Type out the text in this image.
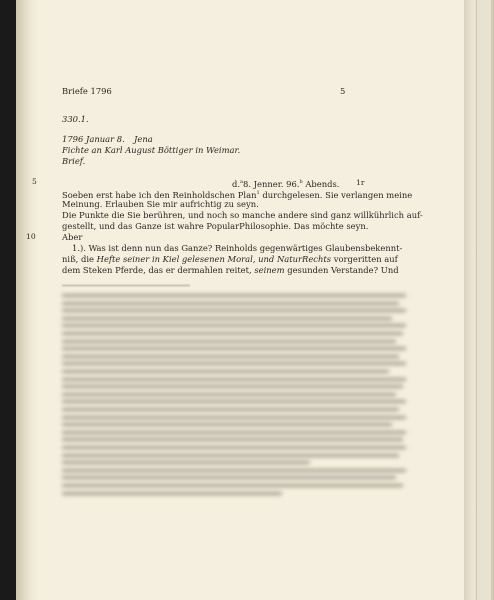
Briefe 1796	5
330.1.
1796 Januar 8. Jena
Fichte an Karl August Böttiger in Weimar.
Brief.
5	1r
d.$^a$8. Jenner. 96.$^b$ Abends.
Soeben erst habe ich den Reinholdschen Plan$^1$ durchgelesen. Sie verlangen meine
Meinung. Erlauben Sie mir aufrichtig zu seyn.
Die Punkte die Sie berühren, und noch so manche andere sind ganz willkührlich auf-
gestellt, und das Ganze ist wahre PopularPhilosophie. Das möchte seyn.
10	Aber
1.). Was ist denn nun das Ganze? Reinholds gegenwärtiges Glaubensbekennt-
niß, die Hefte seiner in Kiel gelesenen Moral, und NaturRechts vorgeritten auf
dem Steken Pferde, das er dermahlen reitet, seinem gesunden Verstande? Und
